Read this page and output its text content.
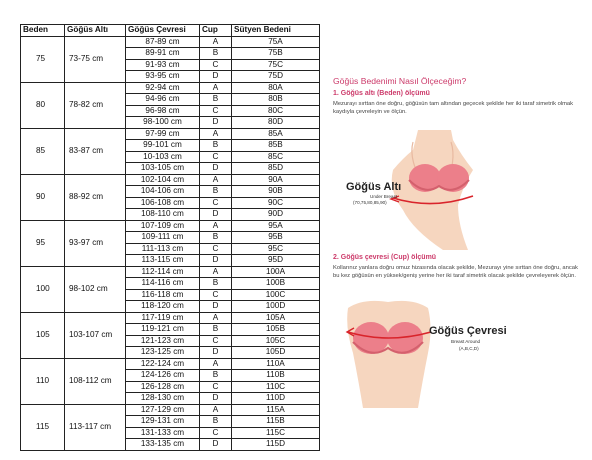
Beden	Göğüs Altı	Göğüs Çevresi	Cup	Sütyen Bedeni
75	73-75 cm	87-89 cm	A	75A
		89-91 cm	B	75B
		91-93 cm	C	75C
		93-95 cm	D	75D
80	78-82 cm	92-94 cm	A	80A
		94-96 cm	B	80B
		96-98 cm	C	80C
		98-100 cm	D	80D
85	83-87 cm	97-99 cm	A	85A
		99-101 cm	B	85B
		10-103 cm	C	85C
		103-105 cm	D	85D
90	88-92 cm	102-104 cm	A	90A
		104-106 cm	B	90B
		106-108 cm	C	90C
		108-110 cm	D	90D
95	93-97 cm	107-109 cm	A	95A
		109-111 cm	B	95B
		111-113 cm	C	95C
		113-115 cm	D	95D
100	98-102 cm	112-114 cm	A	100A
		114-116 cm	B	100B
		116-118 cm	C	100C
		118-120 cm	D	100D
105	103-107 cm	117-119 cm	A	105A
		119-121 cm	B	105B
		121-123 cm	C	105C
		123-125 cm	D	105D
110	108-112 cm	122-124 cm	A	110A
		124-126 cm	B	110B
		126-128 cm	C	110C
		128-130 cm	D	110D
115	113-117 cm	127-129 cm	A	115A
		129-131 cm	B	115B
		131-133 cm	C	115C
		133-135 cm	D	115D
Göğüs Bedenimi Nasıl Ölçeceğim?
1. Göğüs altı (Beden) ölçümü
Mezurayı sırttan öne doğru, göğüsün tam altından geçecek şekilde her iki taraf simetrik olmak kaydıyla çevreleyin ve ölçün.
Göğüs Altı
Under Breast
(70,75,80,85,90)
2. Göğüs çevresi (Cup) ölçümü
Kollarınız yanlara doğru omuz hizasında olacak şekilde, Mezurayı yine sırttan öne doğru, ancak bu kez göğüsün en yüksek/geniş yerine her iki taraf simetrik olacak şekilde çevreleyerek ölçün.
Göğüs Çevresi
Breast Around
(A,B,C,D)
